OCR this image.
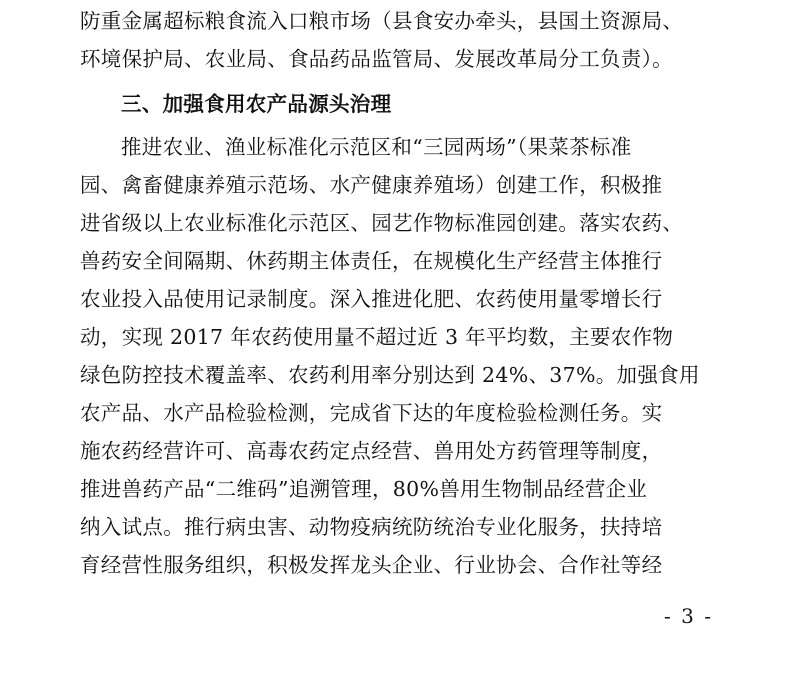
防重金属超标粮食流入口粮市场（县食安办牵头，县国土资源局、
环境保护局、农业局、食品药品监管局、发展改革局分工负责）。
三、加强食用农产品源头治理
推进农业、渔业标准化示范区和“三园两场”（果菜茶标准
园、禽畜健康养殖示范场、水产健康养殖场）创建工作，积极推
进省级以上农业标准化示范区、园艺作物标准园创建。落实农药、
兽药安全间隔期、休药期主体责任，在规模化生产经营主体推行
农业投入品使用记录制度。深入推进化肥、农药使用量零增长行
动，实现 2017 年农药使用量不超过近 3 年平均数，主要农作物
绿色防控技术覆盖率、农药利用率分别达到 24%、37%。加强食用
农产品、水产品检验检测，完成省下达的年度检验检测任务。实
施农药经营许可、高毒农药定点经营、兽用处方药管理等制度，
推进兽药产品“二维码”追溯管理，80%兽用生物制品经营企业
纳入试点。推行病虫害、动物疫病统防统治专业化服务，扶持培
育经营性服务组织，积极发挥龙头企业、行业协会、合作社等经
- 3 -
